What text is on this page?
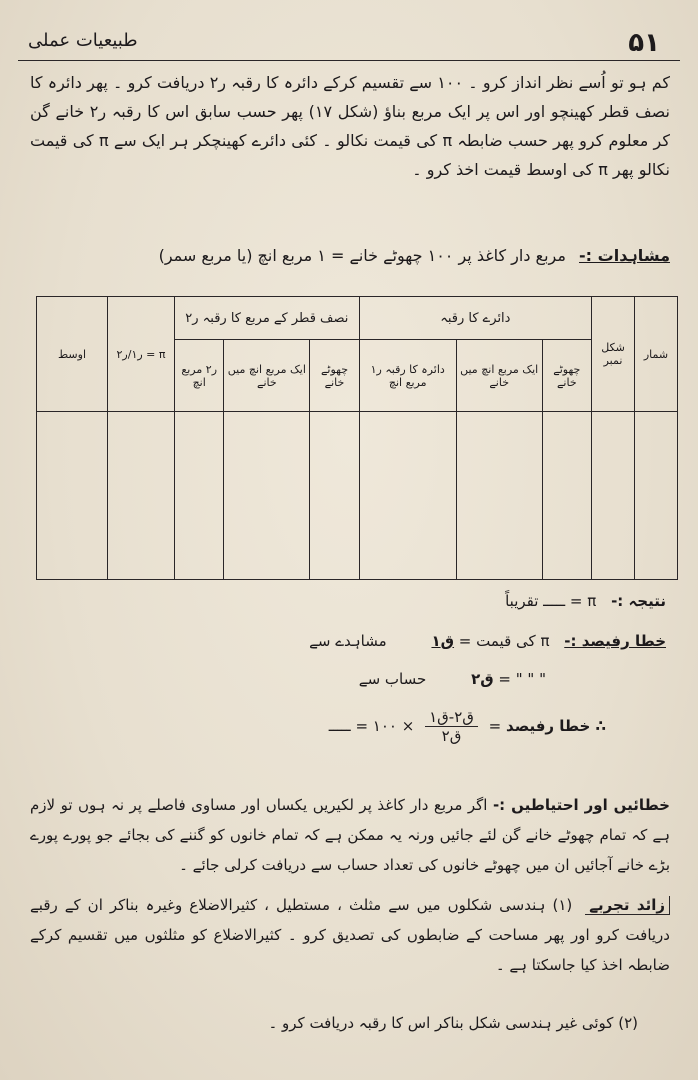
۵۱
طبیعیات عملی
کم ہو تو اُسے نظر انداز کرو ۔ ۱۰۰ سے تقسیم کرکے دائرہ کا رقبہ ر۲ دریافت کرو ۔ پھر دائرہ کا نصف قطر کھینچو اور اس پر ایک مربع بناؤ (شکل ۱۷) پھر حسب سابق اس کا رقبہ ر۲ خانے گن کر معلوم کرو پھر حسب ضابطہ π کی قیمت نکالو ۔ کئی دائرے کھینچکر ہر ایک سے π کی قیمت نکالو پھر π کی اوسط قیمت اخذ کرو ۔
مشاہدات :- مربع دار کاغذ پر ۱۰۰ چھوٹے خانے = ۱ مربع انچ (یا مربع سمر)
شمار	شکل نمبر	دائرے کا رقبہ			نصف قطر کے مربع کا رقبہ ر۲			π = ر۱/ر۲	اوسط
		چھوٹے خانے	ایک مربع انچ میں خانے	دائرہ کا رقبہ ر۱ مربع انچ	چھوٹے خانے	ایک مربع انچ میں خانے	ر۲ مربع انچ		

نتیجہ :- π = ـــــ تقریباً
خطا رفیصد :- π کی قیمت = ق۱ مشاہدے سے
" " " = ق۲ حساب سے
∴ خطا رفیصد =
$\frac{\text{ق۲-ق۱}}{\text{ق۲}}$
× ۱۰۰ = ـــــ
خطائیں اور احتیاطیں :- اگر مربع دار کاغذ پر لکیریں یکساں اور مساوی فاصلے پر نہ ہوں تو لازم ہے کہ تمام چھوٹے خانے گن لئے جائیں ورنہ یہ ممکن ہے کہ تمام خانوں کو گننے کی بجائے جو پورے پورے بڑے خانے آجائیں ان میں چھوٹے خانوں کی تعداد حساب سے دریافت کرلی جائے ۔
زائد تجربے (۱) ہندسی شکلوں میں سے مثلث ، مستطیل ، کثیرالاضلاع وغیرہ بناکر ان کے رقبے دریافت کرو اور پھر مساحت کے ضابطوں کی تصدیق کرو ۔ کثیرالاضلاع کو مثلثوں میں تقسیم کرکے ضابطہ اخذ کیا جاسکتا ہے ۔
(۲) کوئی غیر ہندسی شکل بناکر اس کا رقبہ دریافت کرو ۔
